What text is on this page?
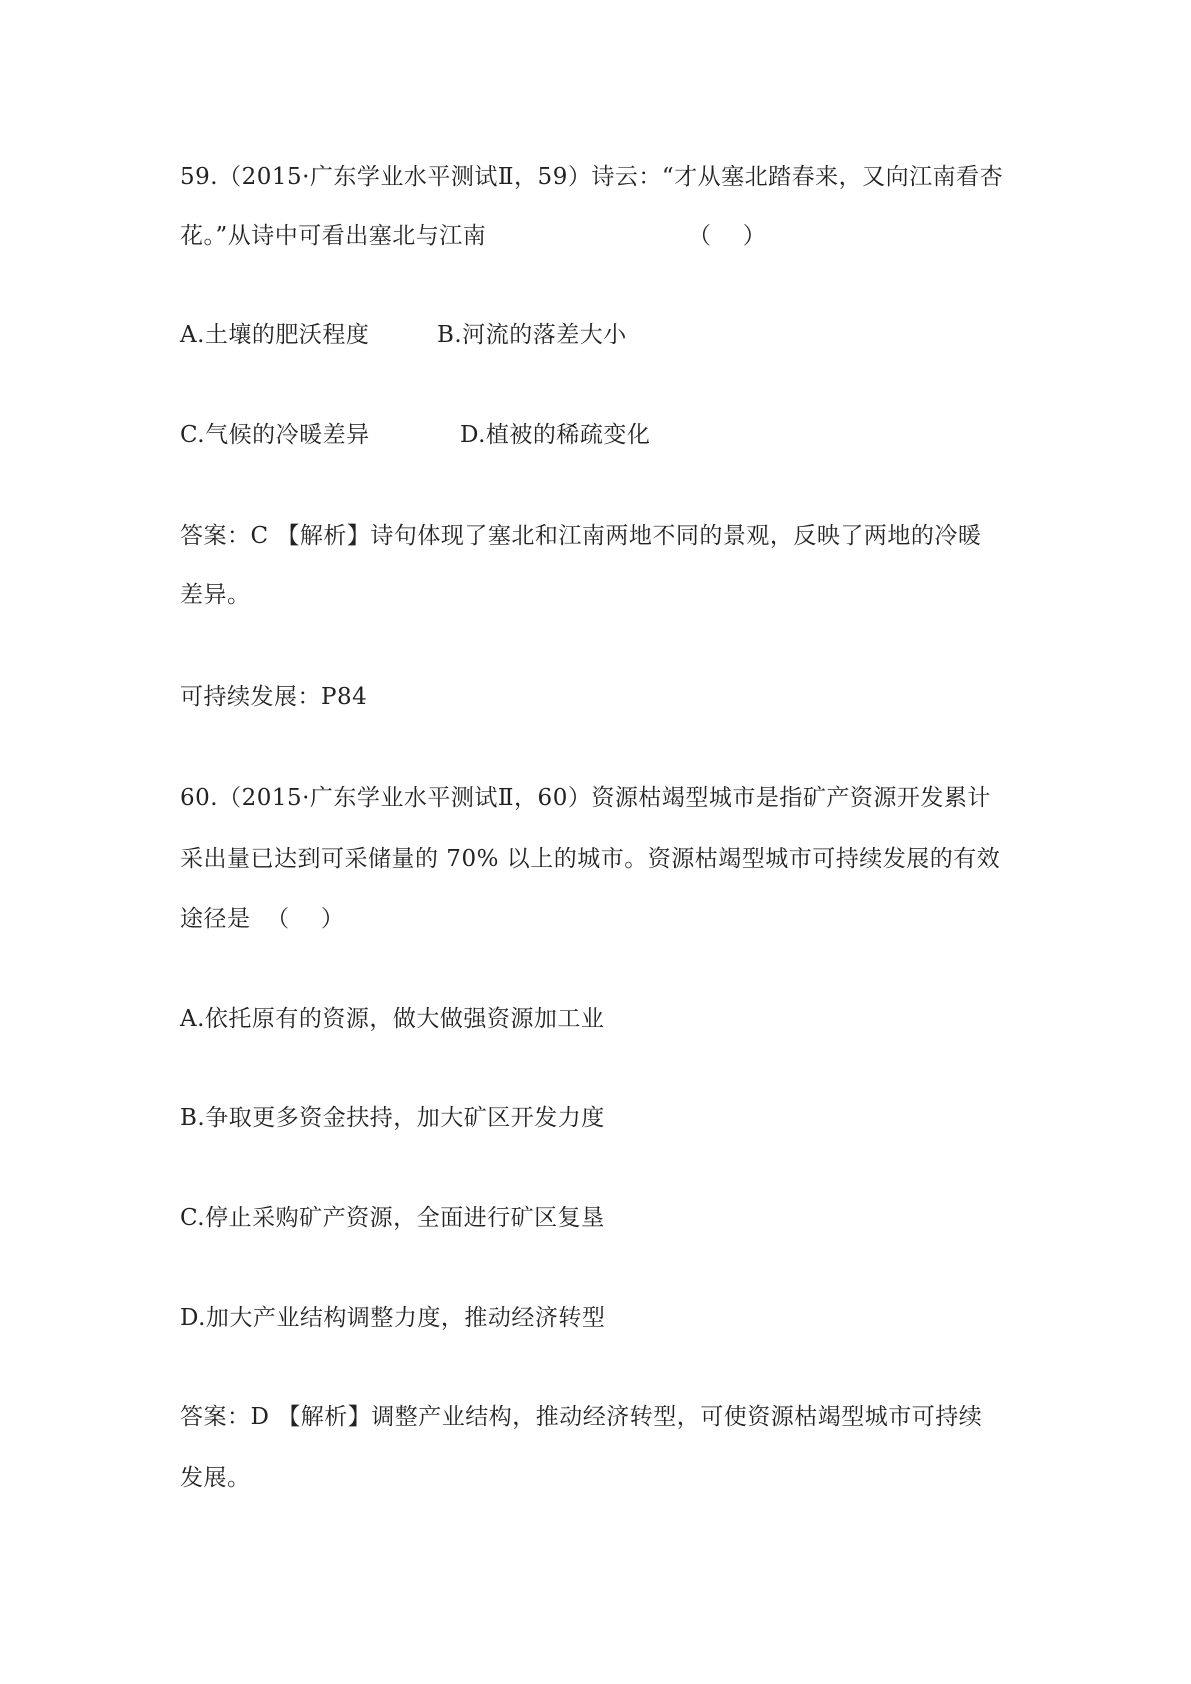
59.（2015·广东学业水平测试Ⅱ，59）诗云：“才从塞北踏春来，又向江南看杏
花。”从诗中可看出塞北与江南	（    ）
A.土壤的肥沃程度	B.河流的落差大小
C.气候的冷暖差异	D.植被的稀疏变化
答案：C 【解析】诗句体现了塞北和江南两地不同的景观，反映了两地的冷暖
差异。
可持续发展：P84
60.（2015·广东学业水平测试Ⅱ，60）资源枯竭型城市是指矿产资源开发累计
采出量已达到可采储量的 70% 以上的城市。资源枯竭型城市可持续发展的有效
途径是  （    ）
A.依托原有的资源，做大做强资源加工业
B.争取更多资金扶持，加大矿区开发力度
C.停止采购矿产资源，全面进行矿区复垦
D.加大产业结构调整力度，推动经济转型
答案：D 【解析】调整产业结构，推动经济转型，可使资源枯竭型城市可持续
发展。
